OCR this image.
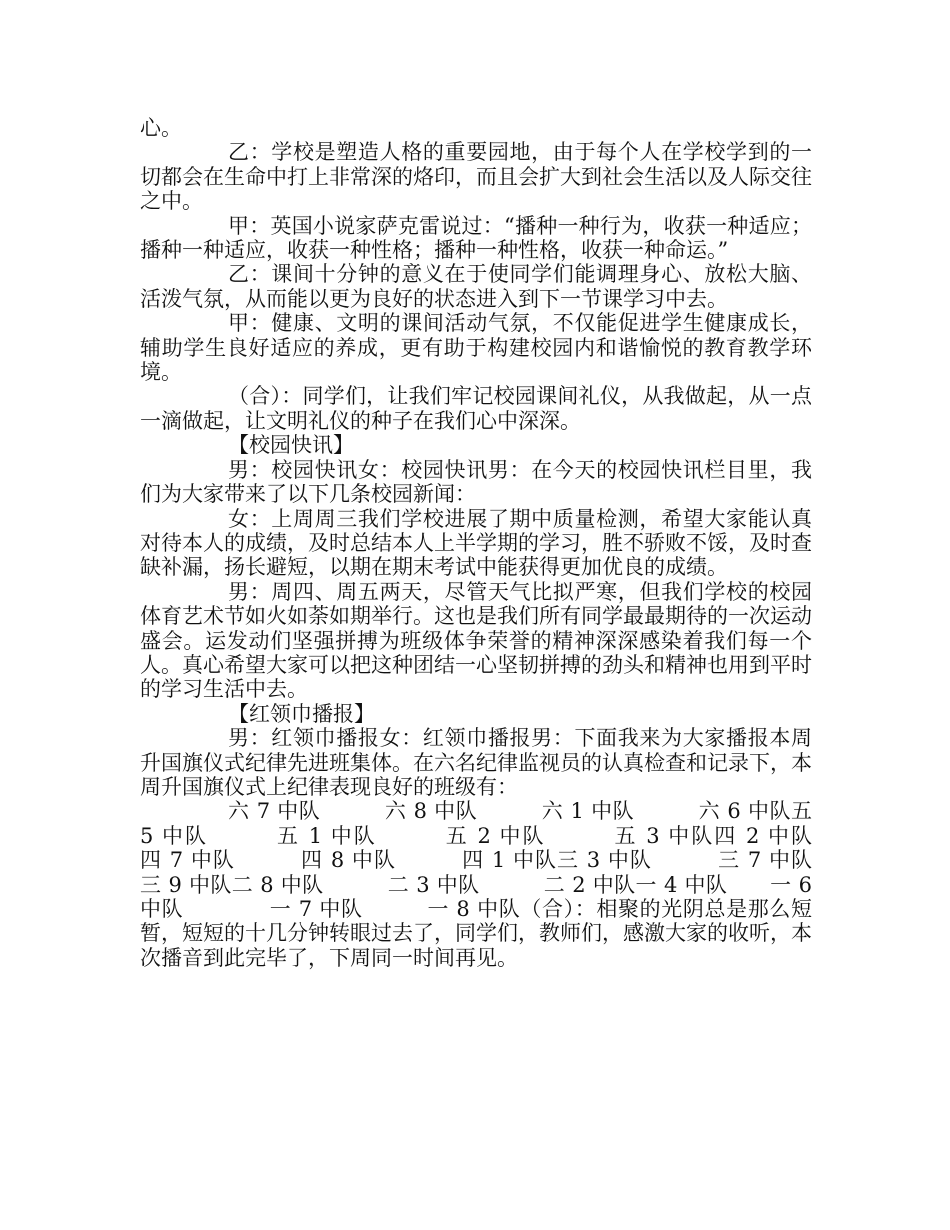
心。

乙：学校是塑造人格的重要园地，由于每个人在学校学到的一切都会在生命中打上非常深的烙印，而且会扩大到社会生活以及人际交往之中。

甲：英国小说家萨克雷说过：“播种一种行为，收获一种适应；播种一种适应，收获一种性格；播种一种性格，收获一种命运。”

乙：课间十分钟的意义在于使同学们能调理身心、放松大脑、活泼气氛，从而能以更为良好的状态进入到下一节课学习中去。

甲：健康、文明的课间活动气氛，不仅能促进学生健康成长，辅助学生良好适应的养成，更有助于构建校园内和谐愉悦的教育教学环境。

（合）：同学们，让我们牢记校园课间礼仪，从我做起，从一点一滴做起，让文明礼仪的种子在我们心中深深。

【校园快讯】

男：校园快讯女：校园快讯男：在今天的校园快讯栏目里，我们为大家带来了以下几条校园新闻：

女：上周周三我们学校进展了期中质量检测，希望大家能认真对待本人的成绩，及时总结本人上半学期的学习，胜不骄败不馁，及时查缺补漏，扬长避短，以期在期末考试中能获得更加优良的成绩。

男：周四、周五两天，尽管天气比拟严寒，但我们学校的校园体育艺术节如火如荼如期举行。这也是我们所有同学最最期待的一次运动盛会。运发动们坚强拼搏为班级体争荣誉的精神深深感染着我们每一个人。真心希望大家可以把这种团结一心坚韧拼搏的劲头和精神也用到平时的学习生活中去。

【红领巾播报】

男：红领巾播报女：红领巾播报男：下面我来为大家播报本周升国旗仪式纪律先进班集体。在六名纪律监视员的认真检查和记录下，本周升国旗仪式上纪律表现良好的班级有：

六 7 中队　　　六 8 中队　　　六 1 中队　　　六 6 中队五 5 中队　　　五 1 中队　　　五 2 中队　　　五 3 中队四 2 中队　　　四 7 中队　　　四 8 中队　　　四 1 中队三 3 中队　　　三 7 中队　　　三 9 中队二 8 中队　　　二 3 中队　　　二 2 中队一 4 中队　　一 6 中队　　　　一 7 中队　　　一 8 中队（合）：相聚的光阴总是那么短暂，短短的十几分钟转眼过去了，同学们，教师们，感激大家的收听，本次播音到此完毕了，下周同一时间再见。
